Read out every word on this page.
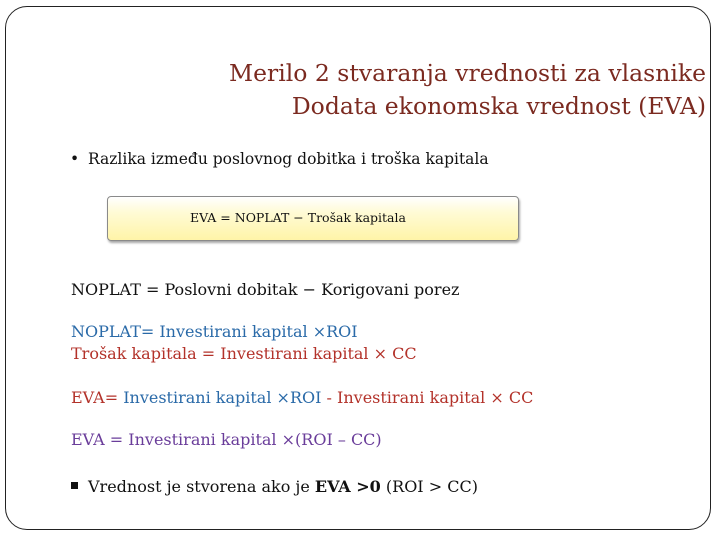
Merilo 2 stvaranja vrednosti za vlasnike
Dodata ekonomska vrednost (EVA)
• Razlika između poslovnog dobitka i troška kapitala
EVA = NOPLAT − Trošak kapitala
NOPLAT = Poslovni dobitak − Korigovani porez
NOPLAT= Investirani kapital ×ROI
Trošak kapitala = Investirani kapital × CC
EVA= Investirani kapital ×ROI - Investirani kapital × CC
EVA = Investirani kapital ×(ROI – CC)
Vrednost je stvorena ako je EVA >0 (ROI > CC)
